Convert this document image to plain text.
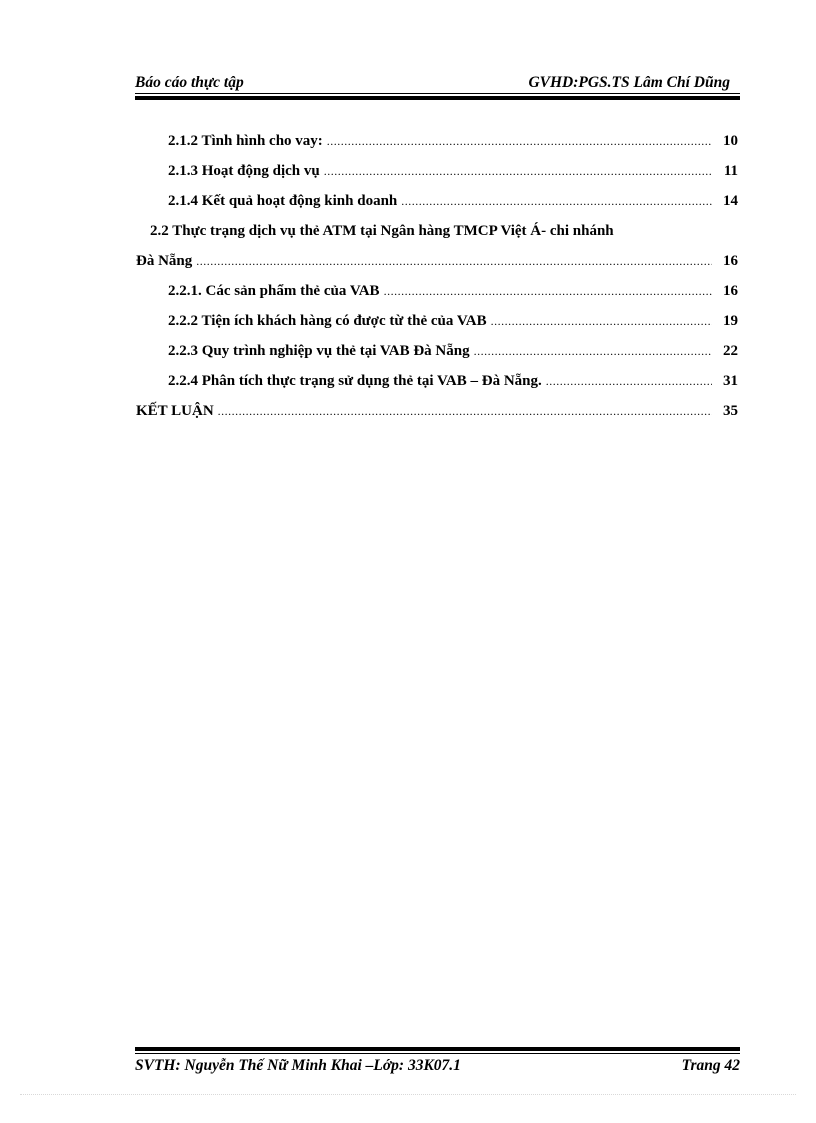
Báo cáo thực tập	GVHD:PGS.TS Lâm Chí Dũng
2.1.2 Tình hình cho vay: .....	10
2.1.3 Hoạt động dịch vụ .....	11
2.1.4 Kết quả hoạt động kinh doanh .....	14
2.2 Thực trạng dịch vụ thẻ ATM tại Ngân hàng TMCP Việt Á- chi nhánh
Đà Nẵng .....	16
2.2.1. Các sản phẩm thẻ của VAB .....	16
2.2.2 Tiện ích khách hàng có được từ thẻ của VAB .....	19
2.2.3 Quy trình nghiệp vụ thẻ tại VAB Đà Nẵng .....	22
2.2.4 Phân tích thực trạng sử dụng thẻ tại VAB – Đà Nẵng. .....	31
KẾT LUẬN .....	35
SVTH: Nguyễn Thế Nữ Minh Khai –Lớp: 33K07.1	Trang 42
